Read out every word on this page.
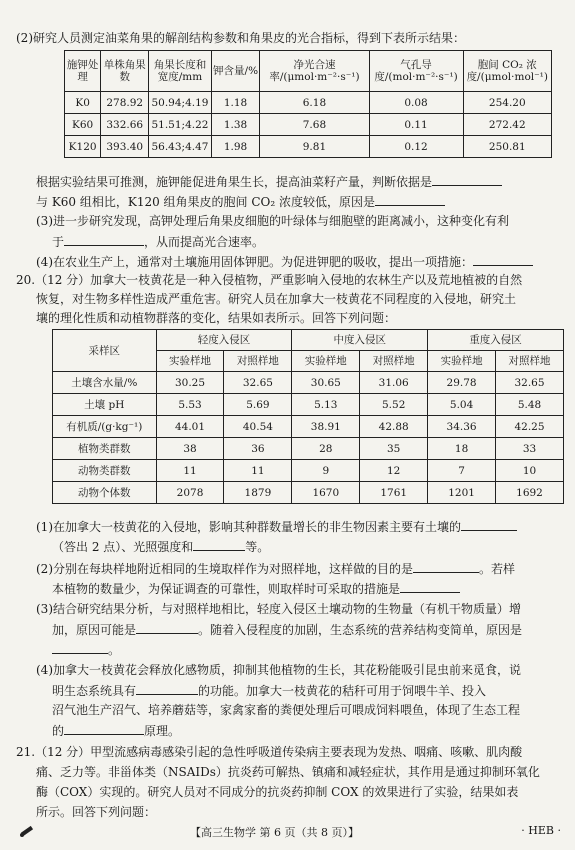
(2)研究人员测定油菜角果的解剖结构参数和角果皮的光合指标，得到下表所示结果：
施钾处理	单株角果数	角果长度和宽度/mm	钾含量/%	净光合速率/(μmol·m⁻²·s⁻¹)	气孔导度/(mol·m⁻²·s⁻¹)	胞间 CO₂ 浓度/(μmol·mol⁻¹)
K0	278.92	50.94;4.19	1.18	6.18	0.08	254.20
K60	332.66	51.51;4.22	1.38	7.68	0.11	272.42
K120	393.40	56.43;4.47	1.98	9.81	0.12	250.81
根据实验结果可推测，施钾能促进角果生长，提高油菜籽产量，判断依据是
与 K60 组相比，K120 组角果皮的胞间 CO₂ 浓度较低，原因是
(3)进一步研究发现，高钾处理后角果皮细胞的叶绿体与细胞壁的距离减小，这种变化有利
于	，从而提高光合速率。
(4)在农业生产上，通常对土壤施用固体钾肥。为促进钾肥的吸收，提出一项措施：
20.（12 分）加拿大一枝黄花是一种入侵植物，严重影响入侵地的农林生产以及荒地植被的自然
恢复，对生物多样性造成严重危害。研究人员在加拿大一枝黄花不同程度的入侵地，研究土
壤的理化性质和动植物群落的变化，结果如表所示。回答下列问题：
采样区	轻度入侵区		中度入侵区		重度入侵区	
	实验样地	对照样地	实验样地	对照样地	实验样地	对照样地
土壤含水量/%	30.25	32.65	30.65	31.06	29.78	32.65
土壤 pH	5.53	5.69	5.13	5.52	5.04	5.48
有机质/(g·kg⁻¹)	44.01	40.54	38.91	42.88	34.36	42.25
植物类群数	38	36	28	35	18	33
动物类群数	11	11	9	12	7	10
动物个体数	2078	1879	1670	1761	1201	1692
(1)在加拿大一枝黄花的入侵地，影响其种群数量增长的非生物因素主要有土壤的
（答出 2 点）、光照强度和	等。
(2)分别在每块样地附近相同的生境取样作为对照样地，这样做的目的是	。若样
本植物的数量少，为保证调查的可靠性，则取样时可采取的措施是
(3)结合研究结果分析，与对照样地相比，轻度入侵区土壤动物的生物量（有机干物质量）增
加，原因可能是	。随着入侵程度的加剧，生态系统的营养结构变简单，原因是
。
(4)加拿大一枝黄花会释放化感物质，抑制其他植物的生长，其花粉能吸引昆虫前来觅食，说
明生态系统具有	的功能。加拿大一枝黄花的秸秆可用于饲喂牛羊、投入
沼气池生产沼气、培养蘑菇等，家禽家畜的粪便处理后可喂成饲料喂鱼，体现了生态工程
的	原理。
21.（12 分）甲型流感病毒感染引起的急性呼吸道传染病主要表现为发热、咽痛、咳嗽、肌肉酸
痛、乏力等。非甾体类（NSAIDs）抗炎药可解热、镇痛和减轻症状，其作用是通过抑制环氧化
酶（COX）实现的。研究人员对不同成分的抗炎药抑制 COX 的效果进行了实验，结果如表
所示。回答下列问题：
【高三生物学 第 6 页（共 8 页）】	· HEB ·
